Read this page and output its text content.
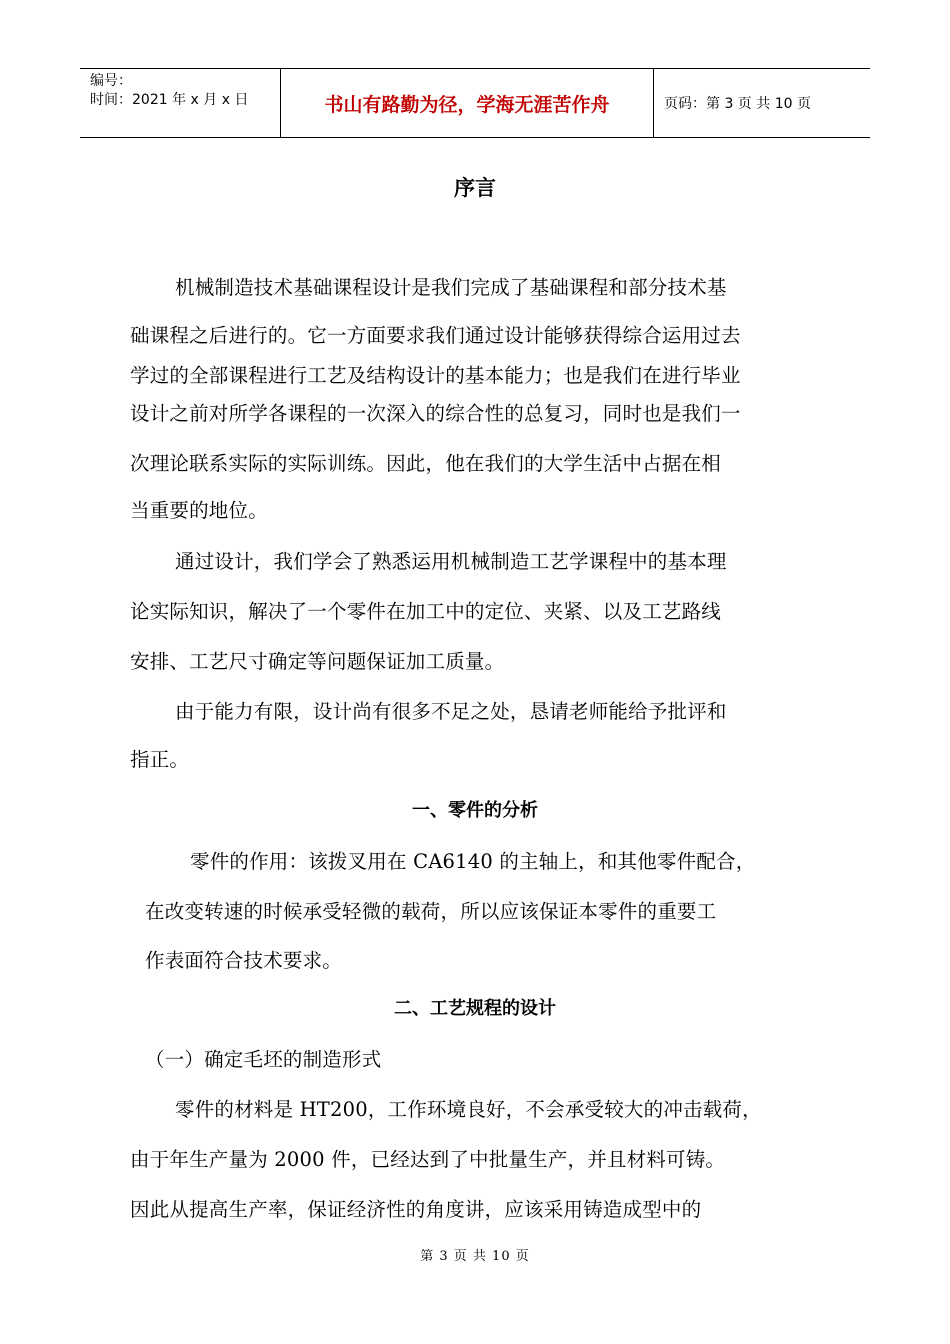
编号：
时间：2021 年 x 月 x 日	书山有路勤为径，学海无涯苦作舟	页码：第 3 页 共 10 页
序言
机械制造技术基础课程设计是我们完成了基础课程和部分技术基
础课程之后进行的。它一方面要求我们通过设计能够获得综合运用过去
学过的全部课程进行工艺及结构设计的基本能力；也是我们在进行毕业
设计之前对所学各课程的一次深入的综合性的总复习，同时也是我们一
次理论联系实际的实际训练。因此，他在我们的大学生活中占据在相
当重要的地位。
通过设计，我们学会了熟悉运用机械制造工艺学课程中的基本理
论实际知识，解决了一个零件在加工中的定位、夹紧、以及工艺路线
安排、工艺尺寸确定等问题保证加工质量。
由于能力有限，设计尚有很多不足之处，恳请老师能给予批评和
指正。
一、零件的分析
零件的作用：该拨叉用在 CA6140 的主轴上，和其他零件配合，
在改变转速的时候承受轻微的载荷，所以应该保证本零件的重要工
作表面符合技术要求。
二、工艺规程的设计
（一）确定毛坯的制造形式
零件的材料是 HT200，工作环境良好，不会承受较大的冲击载荷，
由于年生产量为 2000 件，已经达到了中批量生产，并且材料可铸。
因此从提高生产率，保证经济性的角度讲，应该采用铸造成型中的
第 3 页 共 10 页
